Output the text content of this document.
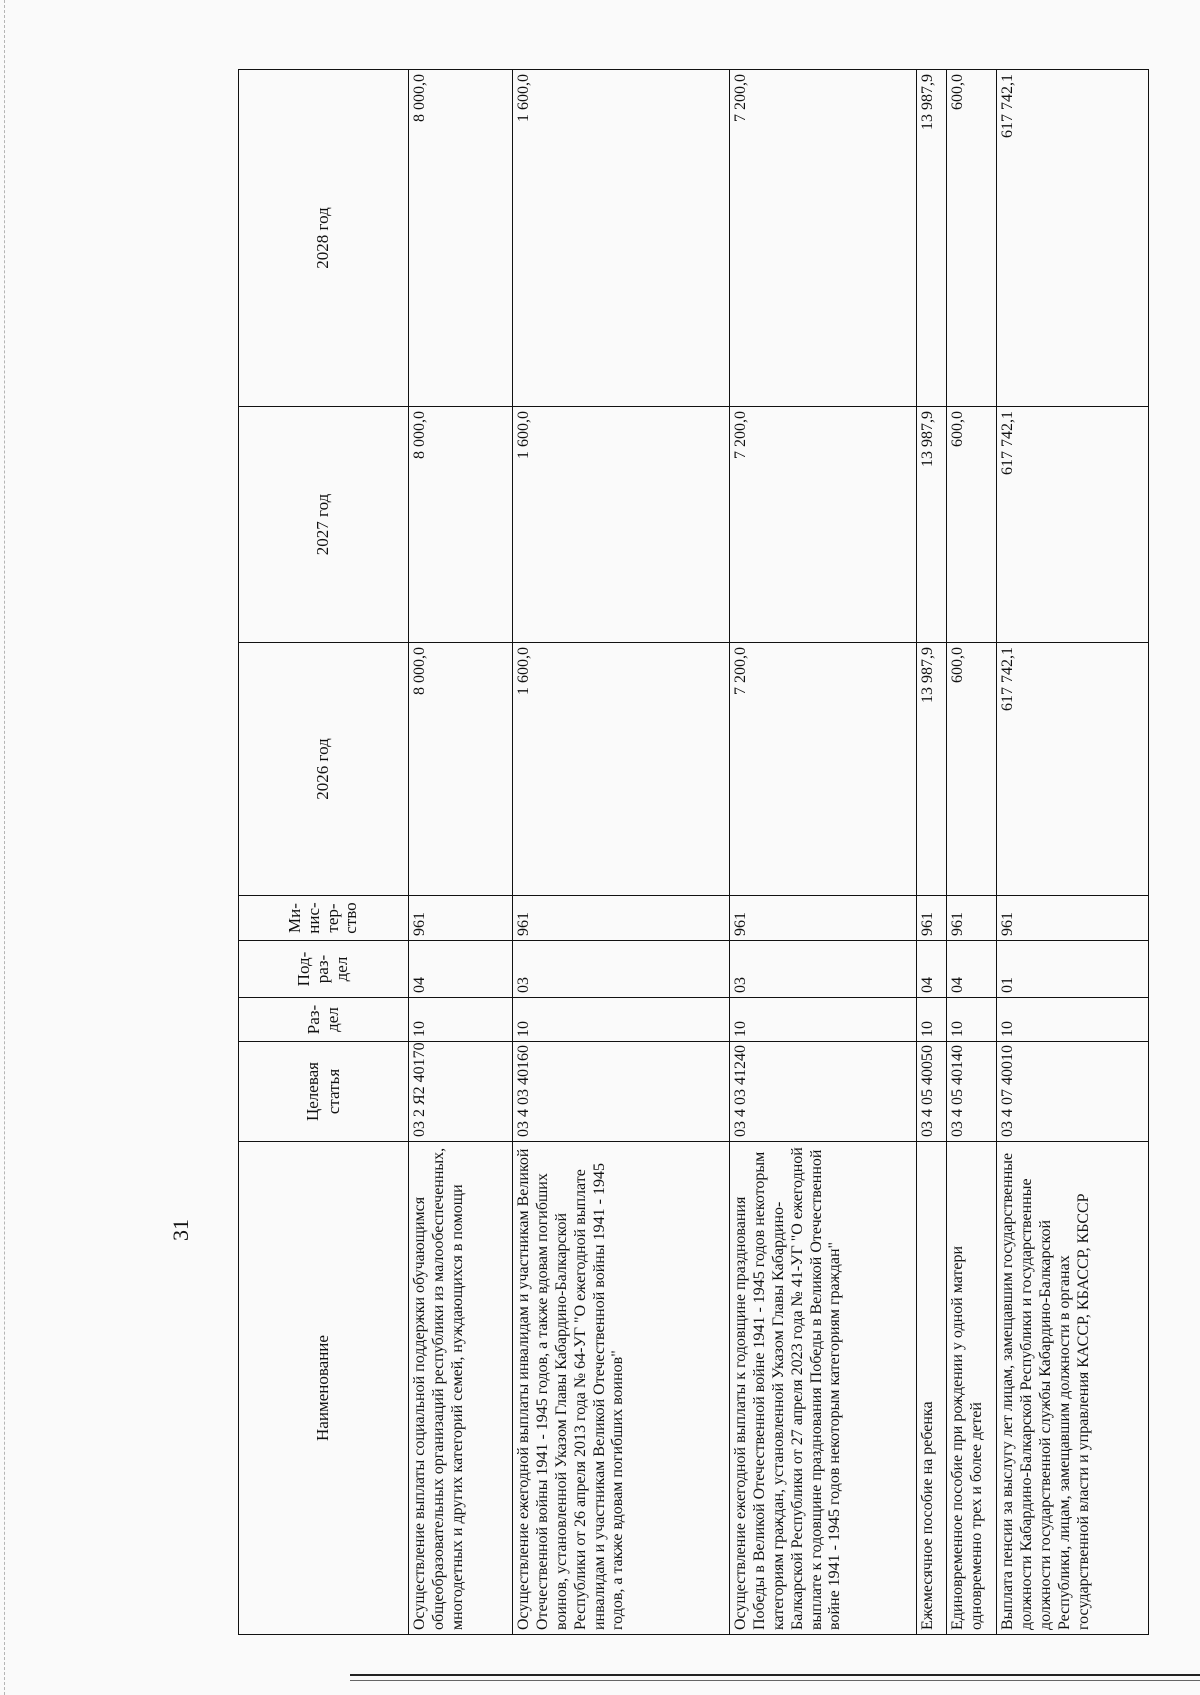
31
Наименование	Целевая статья	Раз- дел	Под- раз- дел	Ми- нис- тер- ство	2026 год	2027 год	2028 год
Осуществление выплаты социальной поддержки обучающимся общеобразовательных организаций республики из малообеспеченных, многодетных и других категорий семей, нуждающихся в помощи	03 2 Я2 40170	10	04	961	8 000,0	8 000,0	8 000,0
Осуществление ежегодной выплаты инвалидам и участникам Великой Отечественной войны 1941 - 1945 годов, а также вдовам погибших воинов, установленной Указом Главы Кабардино-Балкарской Республики от 26 апреля 2013 года № 64-УГ "О ежегодной выплате инвалидам и участникам Великой Отечественной войны 1941 - 1945 годов, а также вдовам погибших воинов"	03 4 03 40160	10	03	961	1 600,0	1 600,0	1 600,0
Осуществление ежегодной выплаты к годовщине празднования Победы в Великой Отечественной войне 1941 - 1945 годов некоторым категориям граждан, установленной Указом Главы Кабардино-Балкарской Республики от 27 апреля 2023 года № 41-УГ "О ежегодной выплате к годовщине празднования Победы в Великой Отечественной войне 1941 - 1945 годов некоторым категориям граждан"	03 4 03 41240	10	03	961	7 200,0	7 200,0	7 200,0
Ежемесячное пособие на ребенка	03 4 05 40050	10	04	961	13 987,9	13 987,9	13 987,9
Единовременное пособие при рождении у одной матери одновременно трех и более детей	03 4 05 40140	10	04	961	600,0	600,0	600,0
Выплата пенсии за выслугу лет лицам, замещавшим государственные должности Кабардино-Балкарской Республики и государственные должности государственной службы Кабардино-Балкарской Республики, лицам, замещавшим должности в органах государственной власти и управления КАССР, КБАССР, КБССР	03 4 07 40010	10	01	961	617 742,1	617 742,1	617 742,1
